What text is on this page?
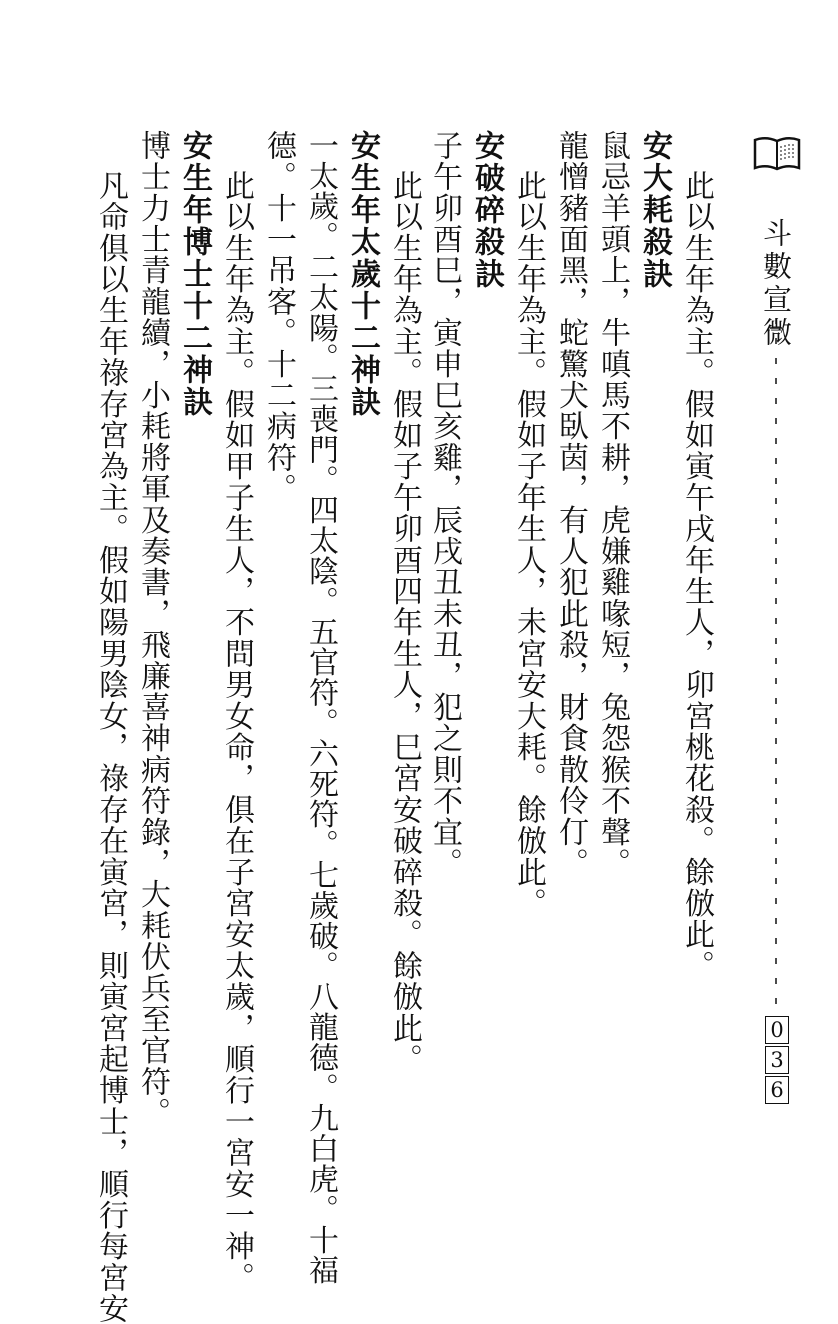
斗數宣微
0
3
6
此以生年為主。假如寅午戌年生人，卯宮桃花殺。餘倣此。
安大耗殺訣
鼠忌羊頭上，牛嗔馬不耕，虎嫌雞喙短，兔怨猴不聲。
龍憎豬面黑，蛇驚犬臥茵，有人犯此殺，財食散伶仃。
此以生年為主。假如子年生人，未宮安大耗。餘倣此。
安破碎殺訣
子午卯酉巳，寅申巳亥雞，辰戌丑未丑，犯之則不宜。
此以生年為主。假如子午卯酉四年生人，巳宮安破碎殺。餘倣此。
安生年太歲十二神訣
一太歲。二太陽。三喪門。四太陰。五官符。六死符。七歲破。八龍德。九白虎。十福
德。十一吊客。十二病符。
此以生年為主。假如甲子生人，不問男女命，俱在子宮安太歲，順行一宮安一神。
安生年博士十二神訣
博士力士青龍續，小耗將軍及奏書，飛廉喜神病符錄，大耗伏兵至官符。
凡命俱以生年祿存宮為主。假如陽男陰女，祿存在寅宮，則寅宮起博士，順行每宮安
